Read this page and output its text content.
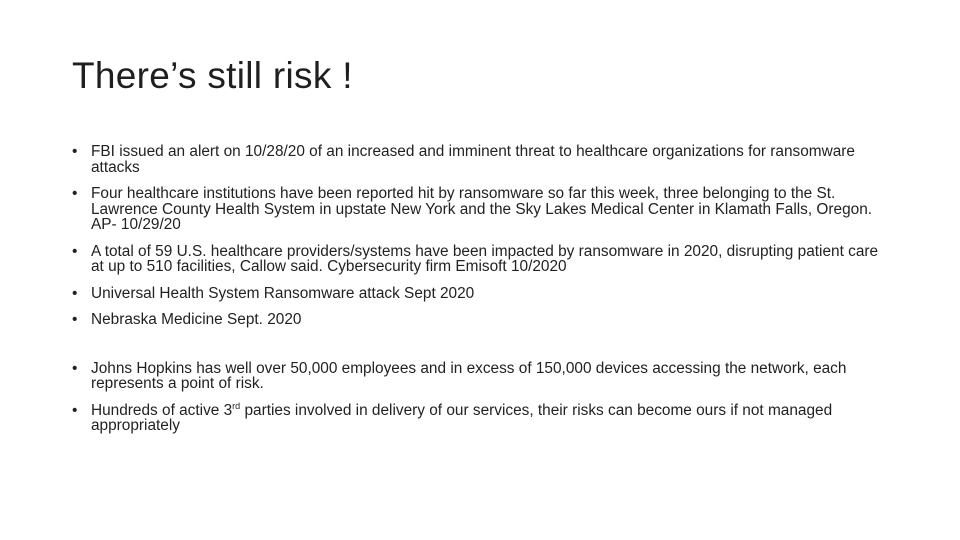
There’s still risk !
• FBI issued an alert on 10/28/20 of an increased and imminent threat to healthcare organizations for ransomware attacks
• Four healthcare institutions have been reported hit by ransomware so far this week, three belonging to the St. Lawrence County Health System in upstate New York and the Sky Lakes Medical Center in Klamath Falls, Oregon. AP- 10/29/20
• A total of 59 U.S. healthcare providers/systems have been impacted by ransomware in 2020, disrupting patient care at up to 510 facilities, Callow said. Cybersecurity firm Emisoft 10/2020
• Universal Health System Ransomware attack Sept 2020
• Nebraska Medicine Sept. 2020
• Johns Hopkins has well over 50,000 employees and in excess of 150,000 devices accessing the network, each represents a point of risk.
• Hundreds of active 3rd parties involved in delivery of our services, their risks can become ours if not managed appropriately
